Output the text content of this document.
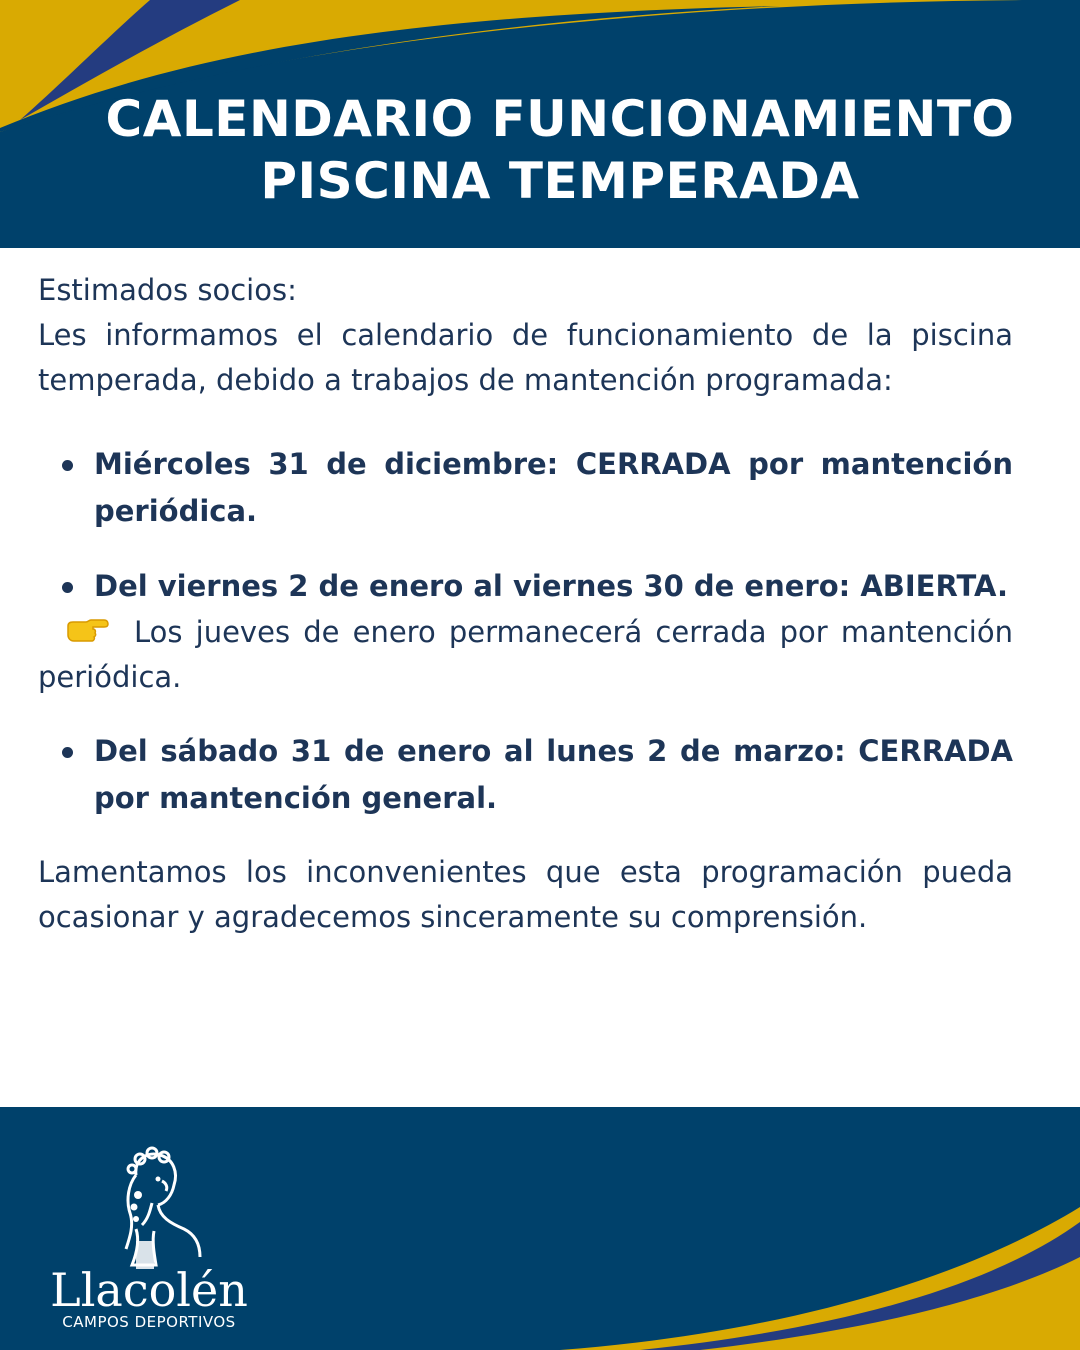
CALENDARIO FUNCIONAMIENTO
PISCINA TEMPERADA

Estimados socios:

Les informamos el calendario de funcionamiento de la piscina temperada, debido a trabajos de mantención programada:

Miércoles 31 de diciembre: CERRADA por mantención periódica.
Del viernes 2 de enero al viernes 30 de enero: ABIERTA.

Los jueves de enero permanecerá cerrada por mantención periódica.

Del sábado 31 de enero al lunes 2 de marzo: CERRADA por mantención general.

Lamentamos los inconvenientes que esta programación pueda ocasionar y agradecemos sinceramente su comprensión.

Llacolén
CAMPOS DEPORTIVOS
